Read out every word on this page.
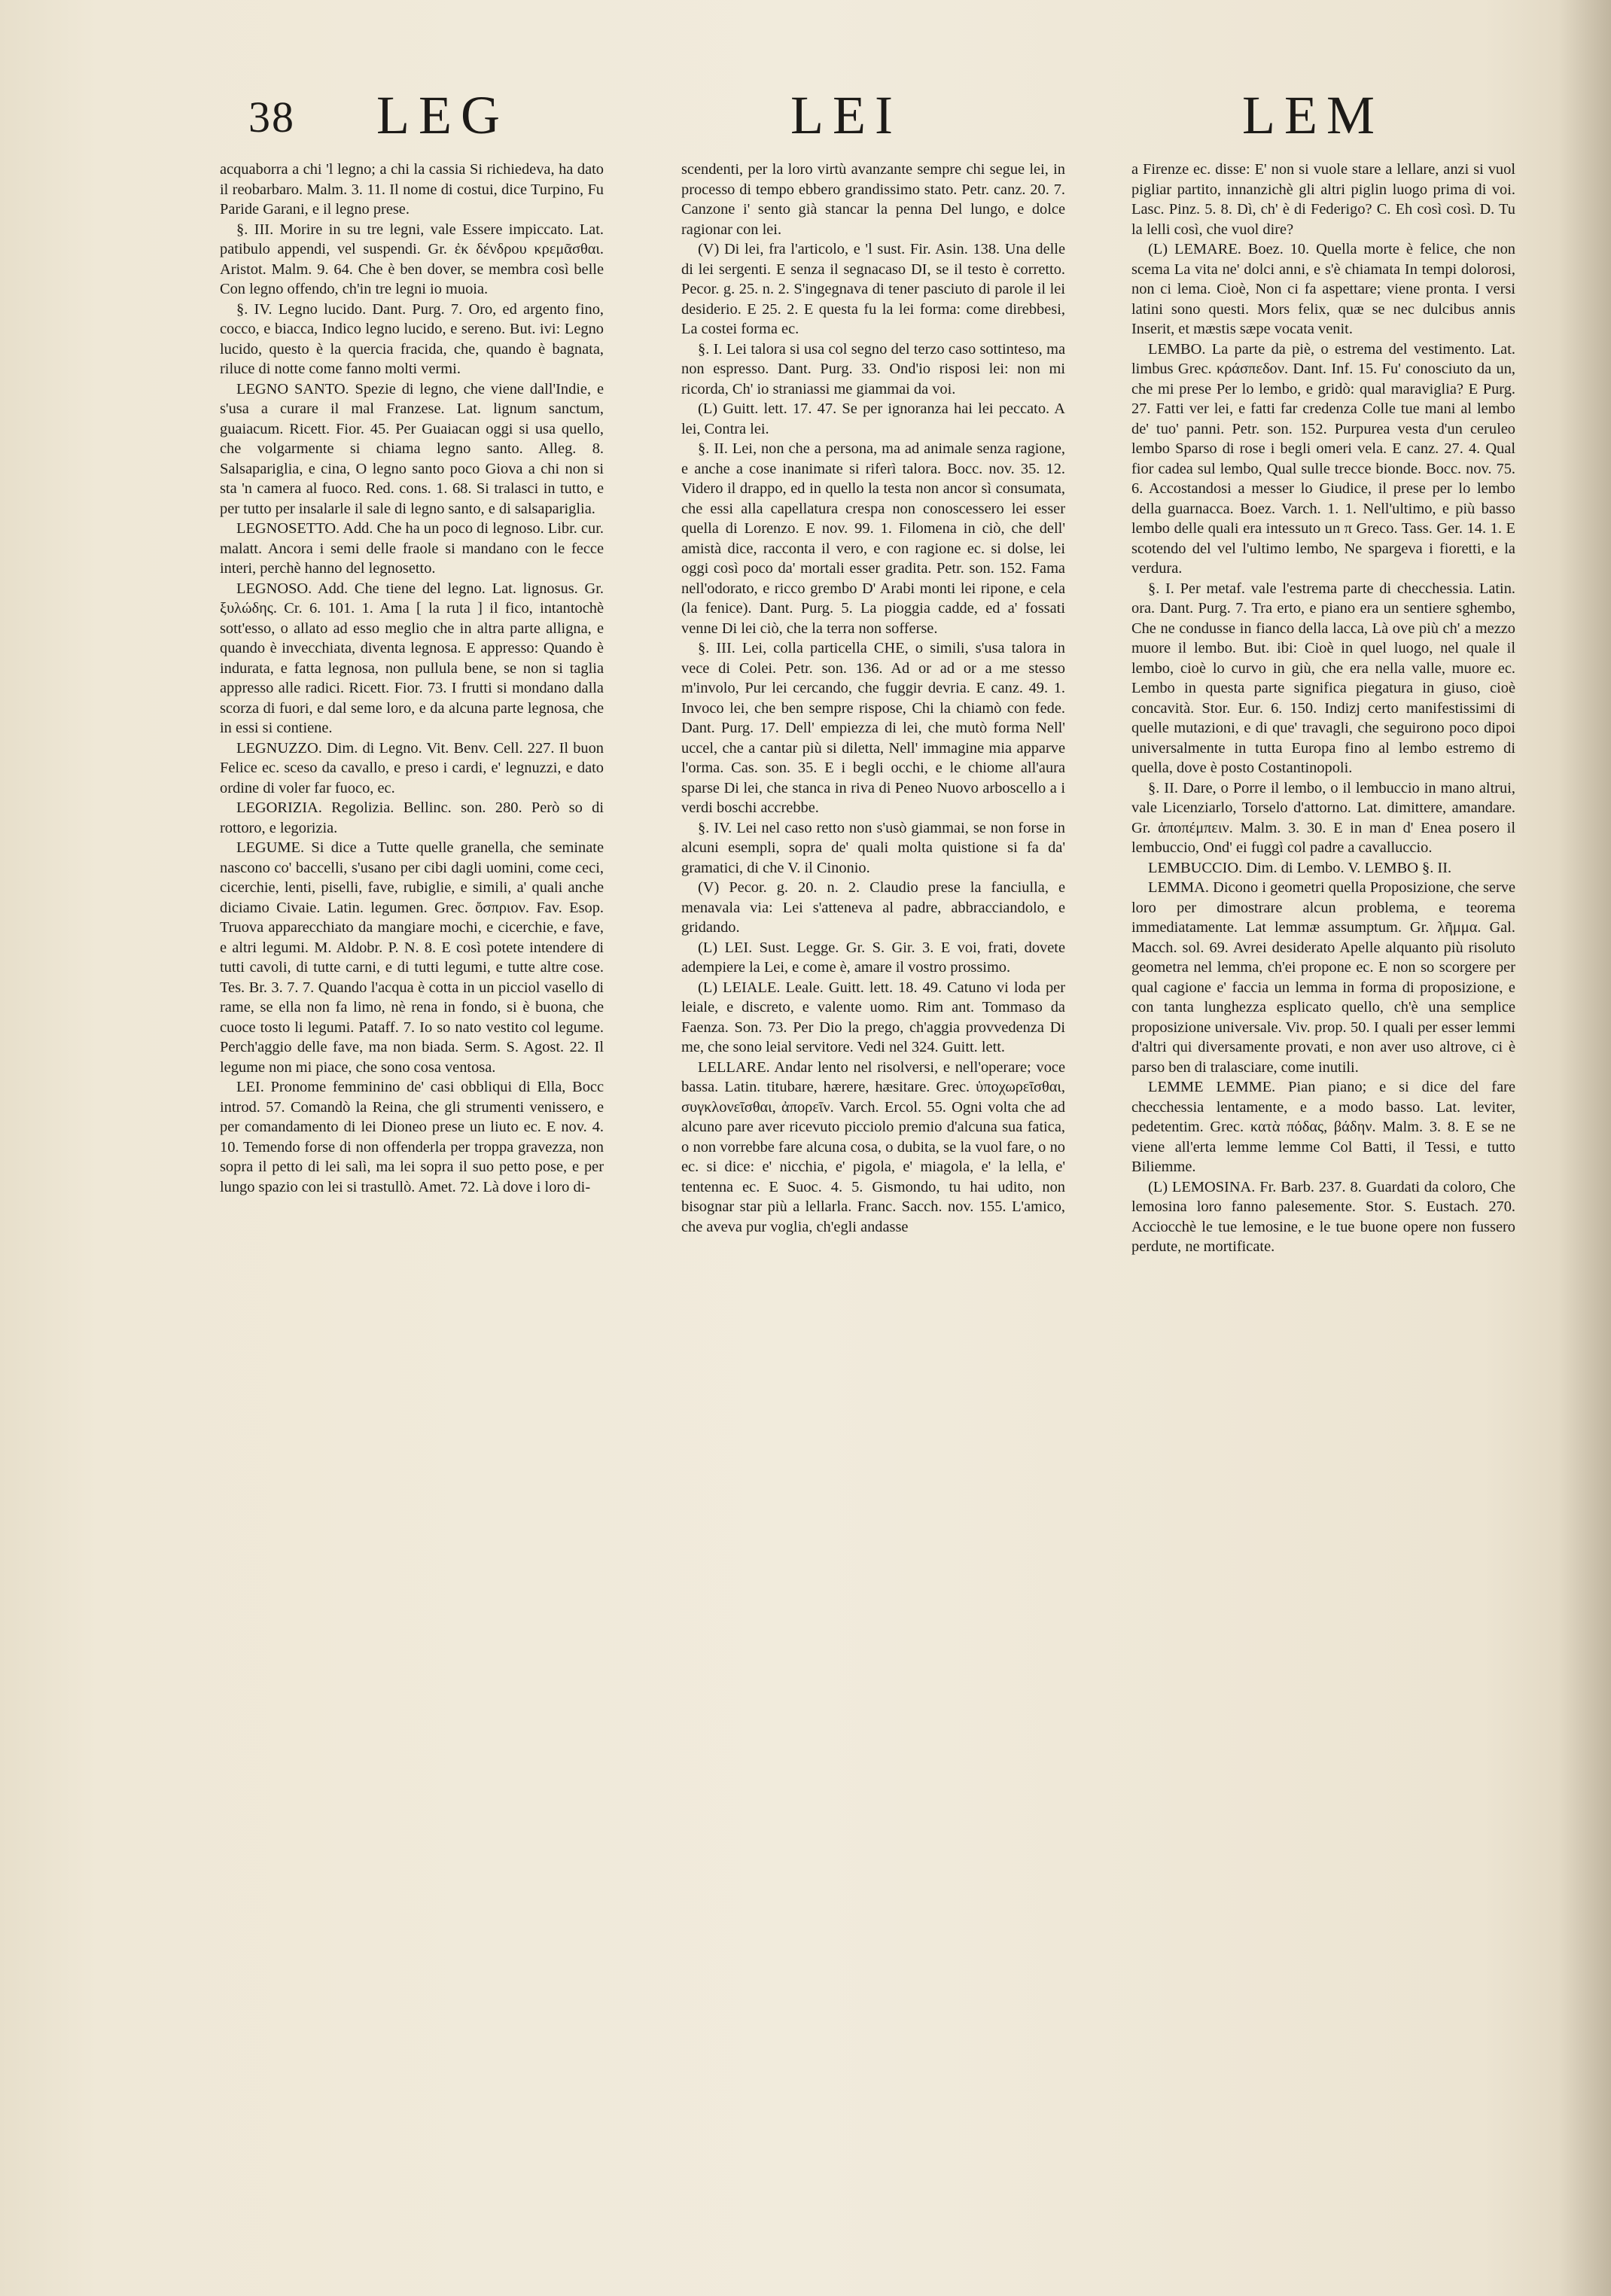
38 LEG	LEI	LEM

acquaborra a chi 'l legno; a chi la cassia Si richiedeva, ha dato il reobarbaro. Malm. 3. 11. Il nome di costui, dice Turpino, Fu Paride Garani, e il legno prese.

§. III. Morire in su tre legni, vale Essere impiccato. Lat. patibulo appendi, vel suspendi. Gr. ἐκ δένδρου κρεμᾶσθαι. Aristot. Malm. 9. 64. Che è ben dover, se membra così belle Con legno offendo, ch'in tre legni io muoia.

§. IV. Legno lucido. Dant. Purg. 7. Oro, ed argento fino, cocco, e biacca, Indico legno lucido, e sereno. But. ivi: Legno lucido, questo è la quercia fracida, che, quando è bagnata, riluce di notte come fanno molti vermi.

LEGNO SANTO. Spezie di legno, che viene dall'Indie, e s'usa a curare il mal Franzese. Lat. lignum sanctum, guaiacum. Ricett. Fior. 45. Per Guaiacan oggi si usa quello, che volgarmente si chiama legno santo. Alleg. 8. Salsapariglia, e cina, O legno santo poco Giova a chi non si sta 'n camera al fuoco. Red. cons. 1. 68. Si tralasci in tutto, e per tutto per insalarle il sale di legno santo, e di salsapariglia.

LEGNOSETTO. Add. Che ha un poco di legnoso. Libr. cur. malatt. Ancora i semi delle fraole si mandano con le fecce interi, perchè hanno del legnosetto.

LEGNOSO. Add. Che tiene del legno. Lat. lignosus. Gr. ξυλώδης. Cr. 6. 101. 1. Ama [ la ruta ] il fico, intantochè sott'esso, o allato ad esso meglio che in altra parte alligna, e quando è invecchiata, diventa legnosa. E appresso: Quando è indurata, e fatta legnosa, non pullula bene, se non si taglia appresso alle radici. Ricett. Fior. 73. I frutti si mondano dalla scorza di fuori, e dal seme loro, e da alcuna parte legnosa, che in essi si contiene.

LEGNUZZO. Dim. di Legno. Vit. Benv. Cell. 227. Il buon Felice ec. sceso da cavallo, e preso i cardi, e' legnuzzi, e dato ordine di voler far fuoco, ec.

LEGORIZIA. Regolizia. Bellinc. son. 280. Però so di rottoro, e legorizia.

LEGUME. Si dice a Tutte quelle granella, che seminate nascono co' baccelli, s'usano per cibi dagli uomini, come ceci, cicerchie, lenti, piselli, fave, rubiglie, e simili, a' quali anche diciamo Civaie. Latin. legumen. Grec. ὄσπριον. Fav. Esop. Truova apparecchiato da mangiare mochi, e cicerchie, e fave, e altri legumi. M. Aldobr. P. N. 8. E così potete intendere di tutti cavoli, di tutte carni, e di tutti legumi, e tutte altre cose. Tes. Br. 3. 7. 7. Quando l'acqua è cotta in un picciol vasello di rame, se ella non fa limo, nè rena in fondo, si è buona, che cuoce tosto li legumi. Pataff. 7. Io so nato vestito col legume. Perch'aggio delle fave, ma non biada. Serm. S. Agost. 22. Il legume non mi piace, che sono cosa ventosa.

LEI. Pronome femminino de' casi obbliqui di Ella, Bocc introd. 57. Comandò la Reina, che gli strumenti venissero, e per comandamento di lei Dioneo prese un liuto ec. E nov. 4. 10. Temendo forse di non offenderla per troppa gravezza, non sopra il petto di lei salì, ma lei sopra il suo petto pose, e per lungo spazio con lei si trastullò. Amet. 72. Là dove i loro di-

scendenti, per la loro virtù avanzante sempre chi segue lei, in processo di tempo ebbero grandissimo stato. Petr. canz. 20. 7. Canzone i' sento già stancar la penna Del lungo, e dolce ragionar con lei.

(V) Di lei, fra l'articolo, e 'l sust. Fir. Asin. 138. Una delle di lei sergenti. E senza il segnacaso DI, se il testo è corretto. Pecor. g. 25. n. 2. S'ingegnava di tener pasciuto di parole il lei desiderio. E 25. 2. E questa fu la lei forma: come direbbesi, La costei forma ec.

§. I. Lei talora si usa col segno del terzo caso sottinteso, ma non espresso. Dant. Purg. 33. Ond'io risposi lei: non mi ricorda, Ch' io straniassi me giammai da voi.

(L) Guitt. lett. 17. 47. Se per ignoranza hai lei peccato. A lei, Contra lei.

§. II. Lei, non che a persona, ma ad animale senza ragione, e anche a cose inanimate si riferì talora. Bocc. nov. 35. 12. Videro il drappo, ed in quello la testa non ancor sì consumata, che essi alla capellatura crespa non conoscessero lei esser quella di Lorenzo. E nov. 99. 1. Filomena in ciò, che dell' amistà dice, racconta il vero, e con ragione ec. si dolse, lei oggi così poco da' mortali esser gradita. Petr. son. 152. Fama nell'odorato, e ricco grembo D' Arabi monti lei ripone, e cela (la fenice). Dant. Purg. 5. La pioggia cadde, ed a' fossati venne Di lei ciò, che la terra non sofferse.

§. III. Lei, colla particella CHE, o simili, s'usa talora in vece di Colei. Petr. son. 136. Ad or ad or a me stesso m'involo, Pur lei cercando, che fuggir devria. E canz. 49. 1. Invoco lei, che ben sempre rispose, Chi la chiamò con fede. Dant. Purg. 17. Dell' empiezza di lei, che mutò forma Nell' uccel, che a cantar più si diletta, Nell' immagine mia apparve l'orma. Cas. son. 35. E i begli occhi, e le chiome all'aura sparse Di lei, che stanca in riva di Peneo Nuovo arboscello a i verdi boschi accrebbe.

§. IV. Lei nel caso retto non s'usò giammai, se non forse in alcuni esempli, sopra de' quali molta quistione si fa da' gramatici, di che V. il Cinonio.

(V) Pecor. g. 20. n. 2. Claudio prese la fanciulla, e menavala via: Lei s'atteneva al padre, abbracciandolo, e gridando.

(L) LEI. Sust. Legge. Gr. S. Gir. 3. E voi, frati, dovete adempiere la Lei, e come è, amare il vostro prossimo.

(L) LEIALE. Leale. Guitt. lett. 18. 49. Catuno vi loda per leiale, e discreto, e valente uomo. Rim ant. Tommaso da Faenza. Son. 73. Per Dio la prego, ch'aggia provvedenza Di me, che sono leial servitore. Vedi nel 324. Guitt. lett.

LELLARE. Andar lento nel risolversi, e nell'operare; voce bassa. Latin. titubare, hærere, hæsitare. Grec. ὑποχωρεῖσθαι, συγκλονεῖσθαι, ἀπορεῖν. Varch. Ercol. 55. Ogni volta che ad alcuno pare aver ricevuto picciolo premio d'alcuna sua fatica, o non vorrebbe fare alcuna cosa, o dubita, se la vuol fare, o no ec. si dice: e' nicchia, e' pigola, e' miagola, e' la lella, e' tentenna ec. E Suoc. 4. 5. Gismondo, tu hai udito, non bisognar star più a lellarla. Franc. Sacch. nov. 155. L'amico, che aveva pur voglia, ch'egli andasse

a Firenze ec. disse: E' non si vuole stare a lellare, anzi si vuol pigliar partito, innanzichè gli altri piglin luogo prima di voi. Lasc. Pinz. 5. 8. Dì, ch' è di Federigo? C. Eh così così. D. Tu la lelli così, che vuol dire?

(L) LEMARE. Boez. 10. Quella morte è felice, che non scema La vita ne' dolci anni, e s'è chiamata In tempi dolorosi, non ci lema. Cioè, Non ci fa aspettare; viene pronta. I versi latini sono questi. Mors felix, quæ se nec dulcibus annis Inserit, et mæstis sæpe vocata venit.

LEMBO. La parte da piè, o estrema del vestimento. Lat. limbus Grec. κράσπεδον. Dant. Inf. 15. Fu' conosciuto da un, che mi prese Per lo lembo, e gridò: qual maraviglia? E Purg. 27. Fatti ver lei, e fatti far credenza Colle tue mani al lembo de' tuo' panni. Petr. son. 152. Purpurea vesta d'un ceruleo lembo Sparso di rose i begli omeri vela. E canz. 27. 4. Qual fior cadea sul lembo, Qual sulle trecce bionde. Bocc. nov. 75. 6. Accostandosi a messer lo Giudice, il prese per lo lembo della guarnacca. Boez. Varch. 1. 1. Nell'ultimo, e più basso lembo delle quali era intessuto un π Greco. Tass. Ger. 14. 1. E scotendo del vel l'ultimo lembo, Ne spargeva i fioretti, e la verdura.

§. I. Per metaf. vale l'estrema parte di checchessia. Latin. ora. Dant. Purg. 7. Tra erto, e piano era un sentiere sghembo, Che ne condusse in fianco della lacca, Là ove più ch' a mezzo muore il lembo. But. ibi: Cioè in quel luogo, nel quale il lembo, cioè lo curvo in giù, che era nella valle, muore ec. Lembo in questa parte significa piegatura in giuso, cioè concavità. Stor. Eur. 6. 150. Indizj certo manifestissimi di quelle mutazioni, e di que' travagli, che seguirono poco dipoi universalmente in tutta Europa fino al lembo estremo di quella, dove è posto Costantinopoli.

§. II. Dare, o Porre il lembo, o il lembuccio in mano altrui, vale Licenziarlo, Torselo d'attorno. Lat. dimittere, amandare. Gr. ἀποπέμπειν. Malm. 3. 30. E in man d' Enea posero il lembuccio, Ond' ei fuggì col padre a cavalluccio.

LEMBUCCIO. Dim. di Lembo. V. LEMBO §. II.

LEMMA. Dicono i geometri quella Proposizione, che serve loro per dimostrare alcun problema, e teorema immediatamente. Lat lemmæ assumptum. Gr. λῆμμα. Gal. Macch. sol. 69. Avrei desiderato Apelle alquanto più risoluto geometra nel lemma, ch'ei propone ec. E non so scorgere per qual cagione e' faccia un lemma in forma di proposizione, e con tanta lunghezza esplicato quello, ch'è una semplice proposizione universale. Viv. prop. 50. I quali per esser lemmi d'altri qui diversamente provati, e non aver uso altrove, ci è parso ben di tralasciare, come inutili.

LEMME LEMME. Pian piano; e si dice del fare checchessia lentamente, e a modo basso. Lat. leviter, pedetentim. Grec. κατὰ πόδας, βάδην. Malm. 3. 8. E se ne viene all'erta lemme lemme Col Batti, il Tessi, e tutto Biliemme.

(L) LEMOSINA. Fr. Barb. 237. 8. Guardati da coloro, Che lemosina loro fanno palesemente. Stor. S. Eustach. 270. Acciocchè le tue lemosine, e le tue buone opere non fussero perdute, ne mortificate.
